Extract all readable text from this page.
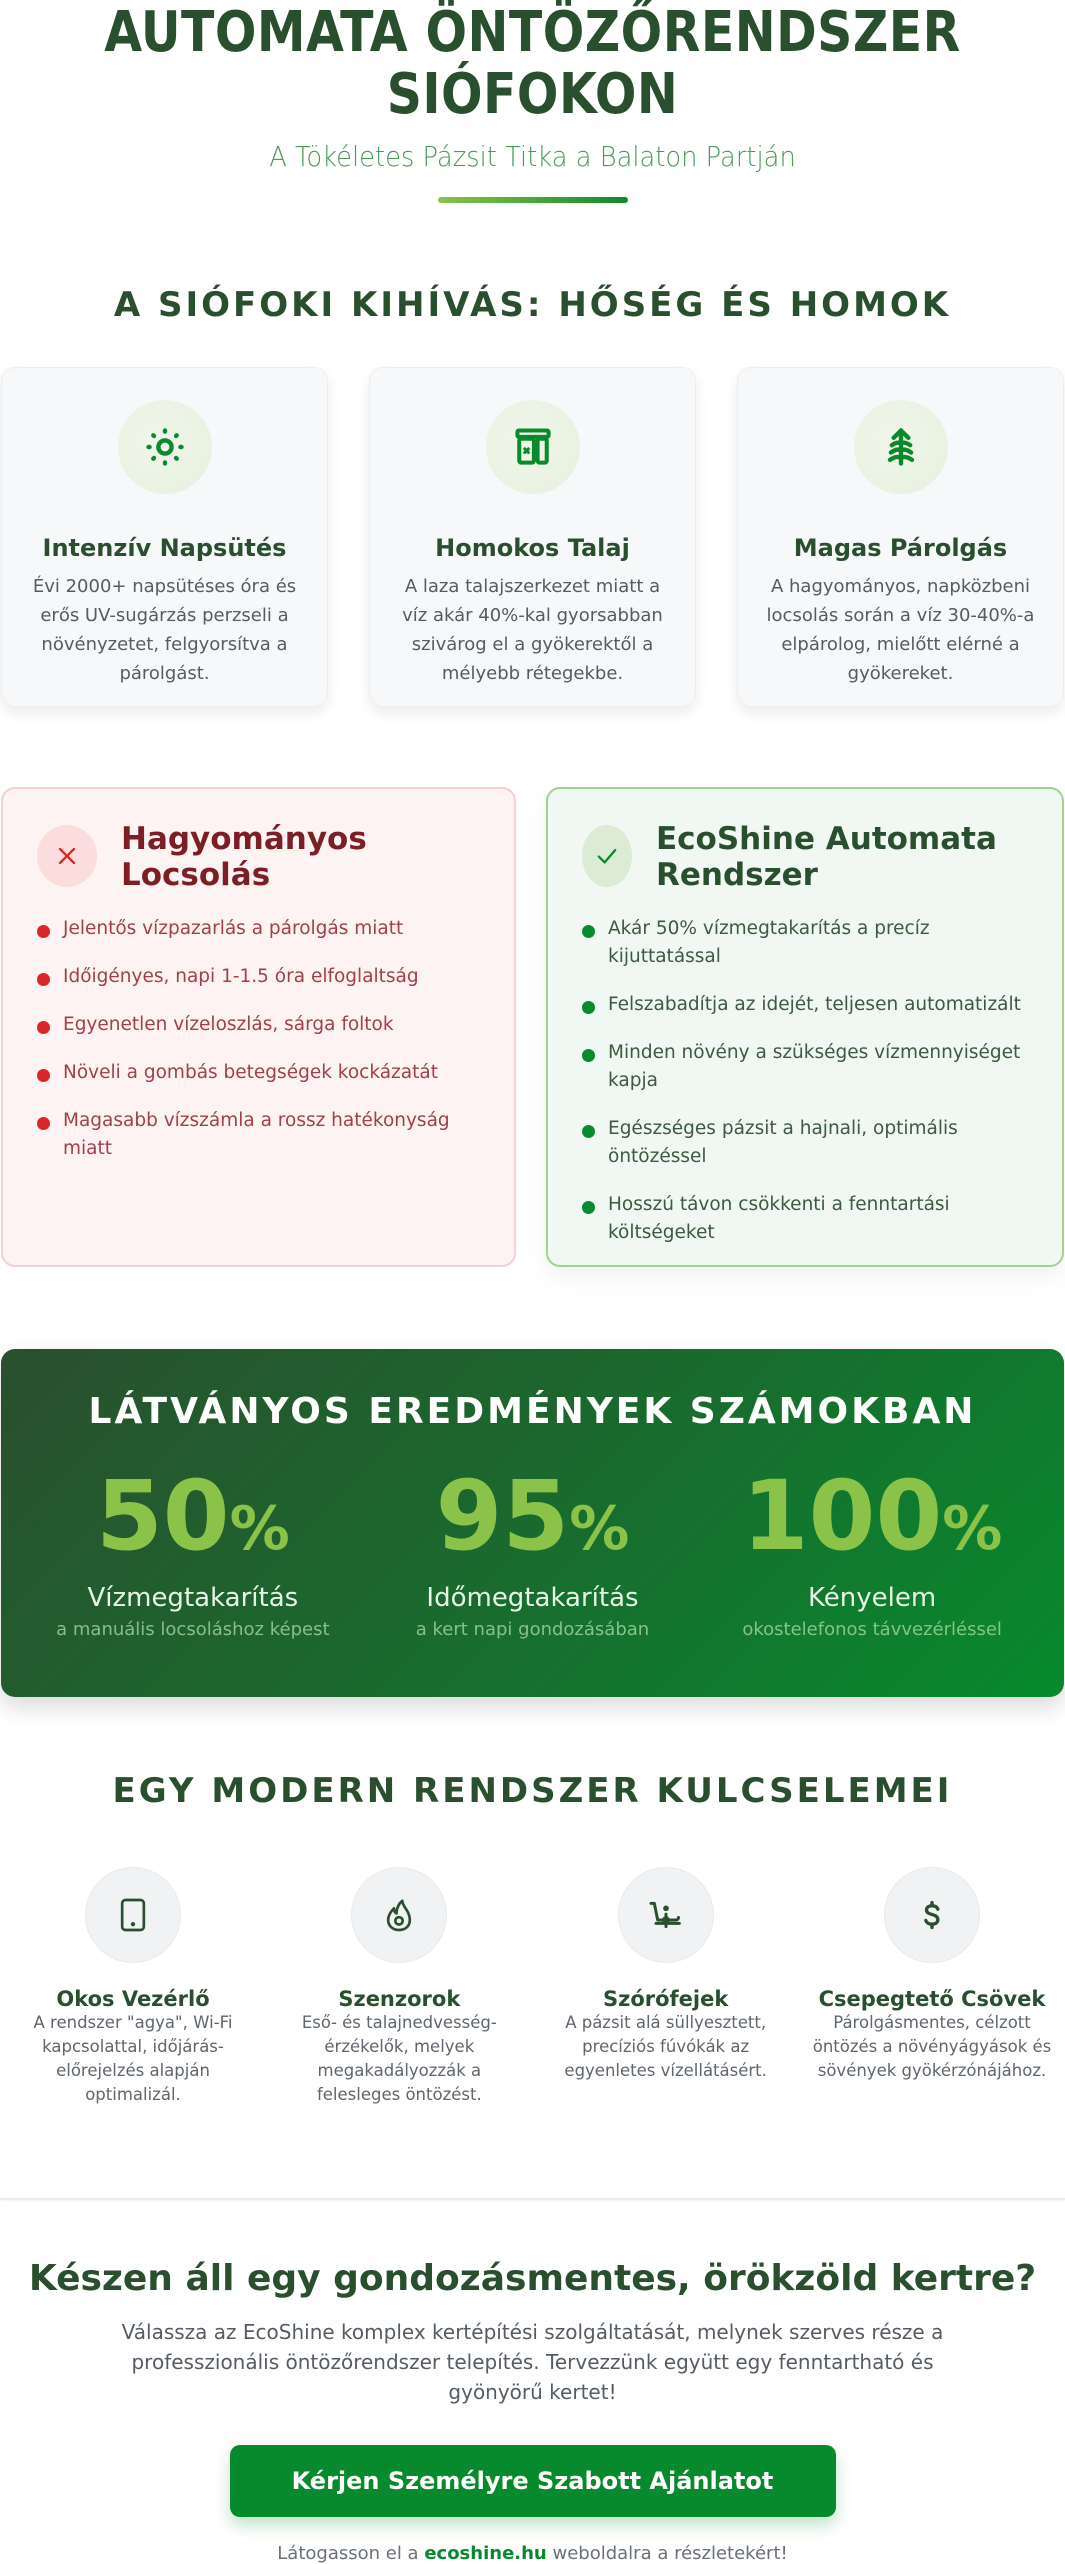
AUTOMATA ÖNTÖZŐRENDSZER
SIÓFOKON

A Tökéletes Pázsit Titka a Balaton Partján

A SIÓFOKI KIHÍVÁS: HŐSÉG ÉS HOMOK
Intenzív Napsütés

Évi 2000+ napsütéses óra és erős UV-sugárzás perzseli a növényzetet, felgyorsítva a párolgást.

Homokos Talaj

A laza talajszerkezet miatt a víz akár 40%-kal gyorsabban szivárog el a gyökerektől a mélyebb rétegekbe.

Magas Párolgás

A hagyományos, napközbeni locsolás során a víz 30-40%-a elpárolog, mielőtt elérné a gyökereket.

Hagyományos Locsolás
Jelentős vízpazarlás a párolgás miatt
Időigényes, napi 1-1.5 óra elfoglaltság
Egyenetlen vízeloszlás, sárga foltok
Növeli a gombás betegségek kockázatát
Magasabb vízszámla a rossz hatékonyság miatt
EcoShine Automata Rendszer
Akár 50% vízmegtakarítás a precíz kijuttatással
Felszabadítja az idejét, teljesen automatizált
Minden növény a szükséges vízmennyiséget kapja
Egészséges pázsit a hajnali, optimális öntözéssel
Hosszú távon csökkenti a fenntartási költségeket
LÁTVÁNYOS EREDMÉNYEK SZÁMOKBAN
50%
Vízmegtakarítás
a manuális locsoláshoz képest
95%
Időmegtakarítás
a kert napi gondozásában
100%
Kényelem
okostelefonos távvezérléssel
EGY MODERN RENDSZER KULCSELEMEI
Okos Vezérlő

A rendszer "agya", Wi-Fi kapcsolattal, időjárás-előrejelzés alapján optimalizál.

Szenzorok

Eső- és talajnedvesség-érzékelők, melyek megakadályozzák a felesleges öntözést.

Szórófejek

A pázsit alá süllyesztett, precíziós fúvókák az egyenletes vízellátásért.

Csepegtető Csövek

Párolgásmentes, célzott öntözés a növényágyások és sövények gyökérzónájához.

Készen áll egy gondozásmentes, örökzöld kertre?

Válassza az EcoShine komplex kertépítési szolgáltatását, melynek szerves része a professzionális öntözőrendszer telepítés. Tervezzünk együtt egy fenntartható és gyönyörű kertet!

Kérjen Személyre Szabott Ajánlatot

Látogasson el a ecoshine.hu weboldalra a részletekért!
